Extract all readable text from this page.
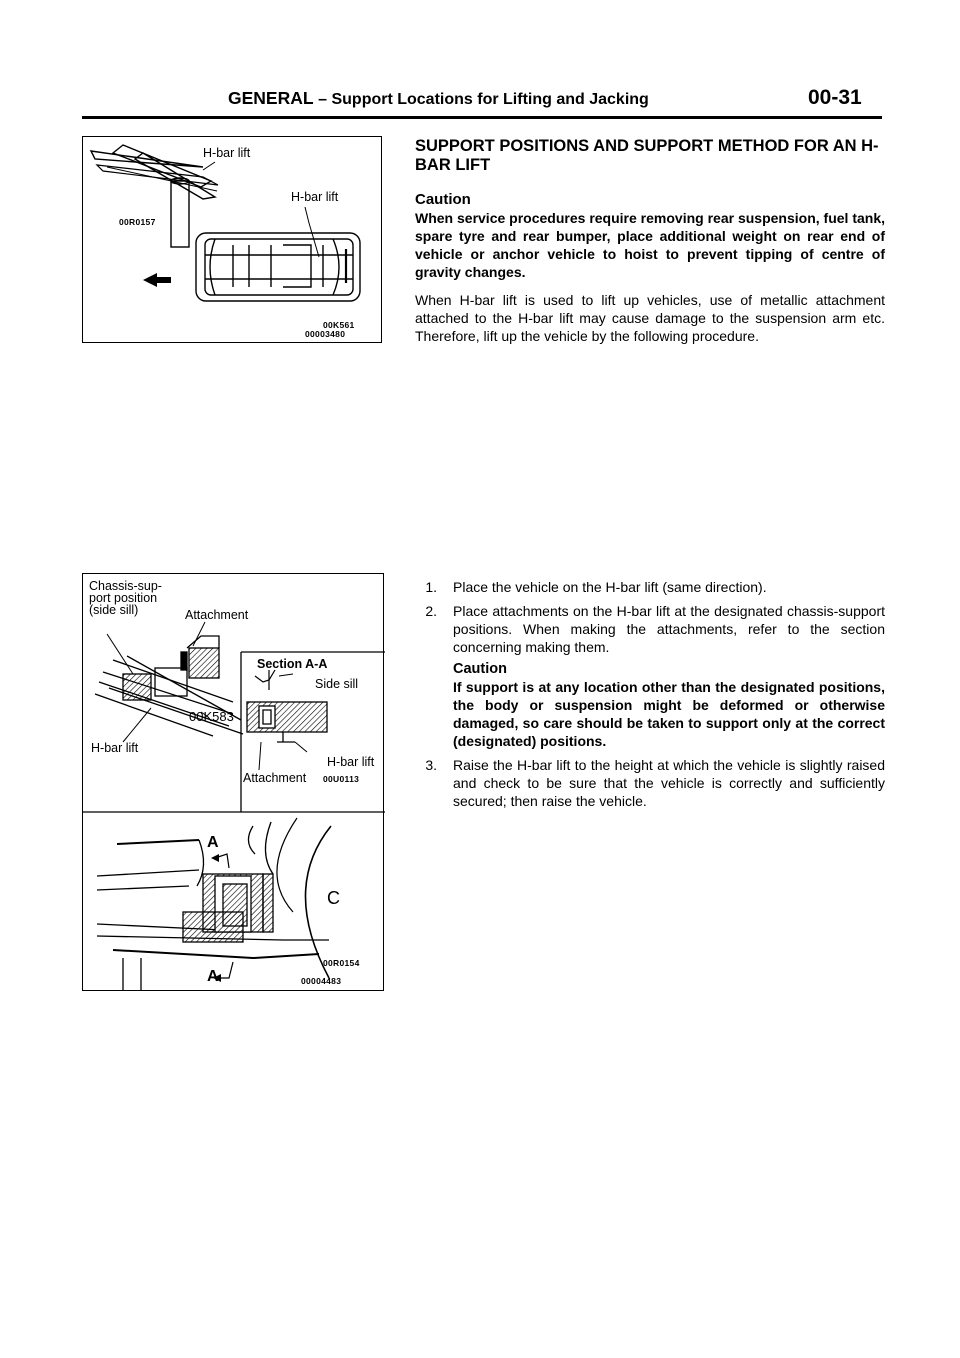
GENERAL – Support Locations for Lifting and Jacking	00-31
H-bar lift
H-bar lift
00R0157
00K561
00003480
Chassis-sup-
port position
(side sill)	Attachment
00K583
H-bar lift
Section A-A
Side sill
H-bar lift
Attachment 00U0113
A
A
C
00R0154
00004483
SUPPORT POSITIONS AND SUPPORT METHOD FOR AN H-BAR LIFT
Caution
When service procedures require removing rear suspension, fuel tank, spare tyre and rear bumper, place additional weight on rear end of vehicle or anchor vehicle to hoist to prevent tipping of centre of gravity changes.
When H-bar lift is used to lift up vehicles, use of metallic attachment attached to the H-bar lift may cause damage to the suspension arm etc. Therefore, lift up the vehicle by the following procedure.
1. Place the vehicle on the H-bar lift (same direction).
2. Place attachments on the H-bar lift at the designated chassis-support positions. When making the attachments, refer to the section concerning making them.
Caution
If support is at any location other than the designated positions, the body or suspension might be deformed or otherwise damaged, so care should be taken to support only at the correct (designated) positions.
3. Raise the H-bar lift to the height at which the vehicle is slightly raised and check to be sure that the vehicle is correctly and sufficiently secured; then raise the vehicle.
